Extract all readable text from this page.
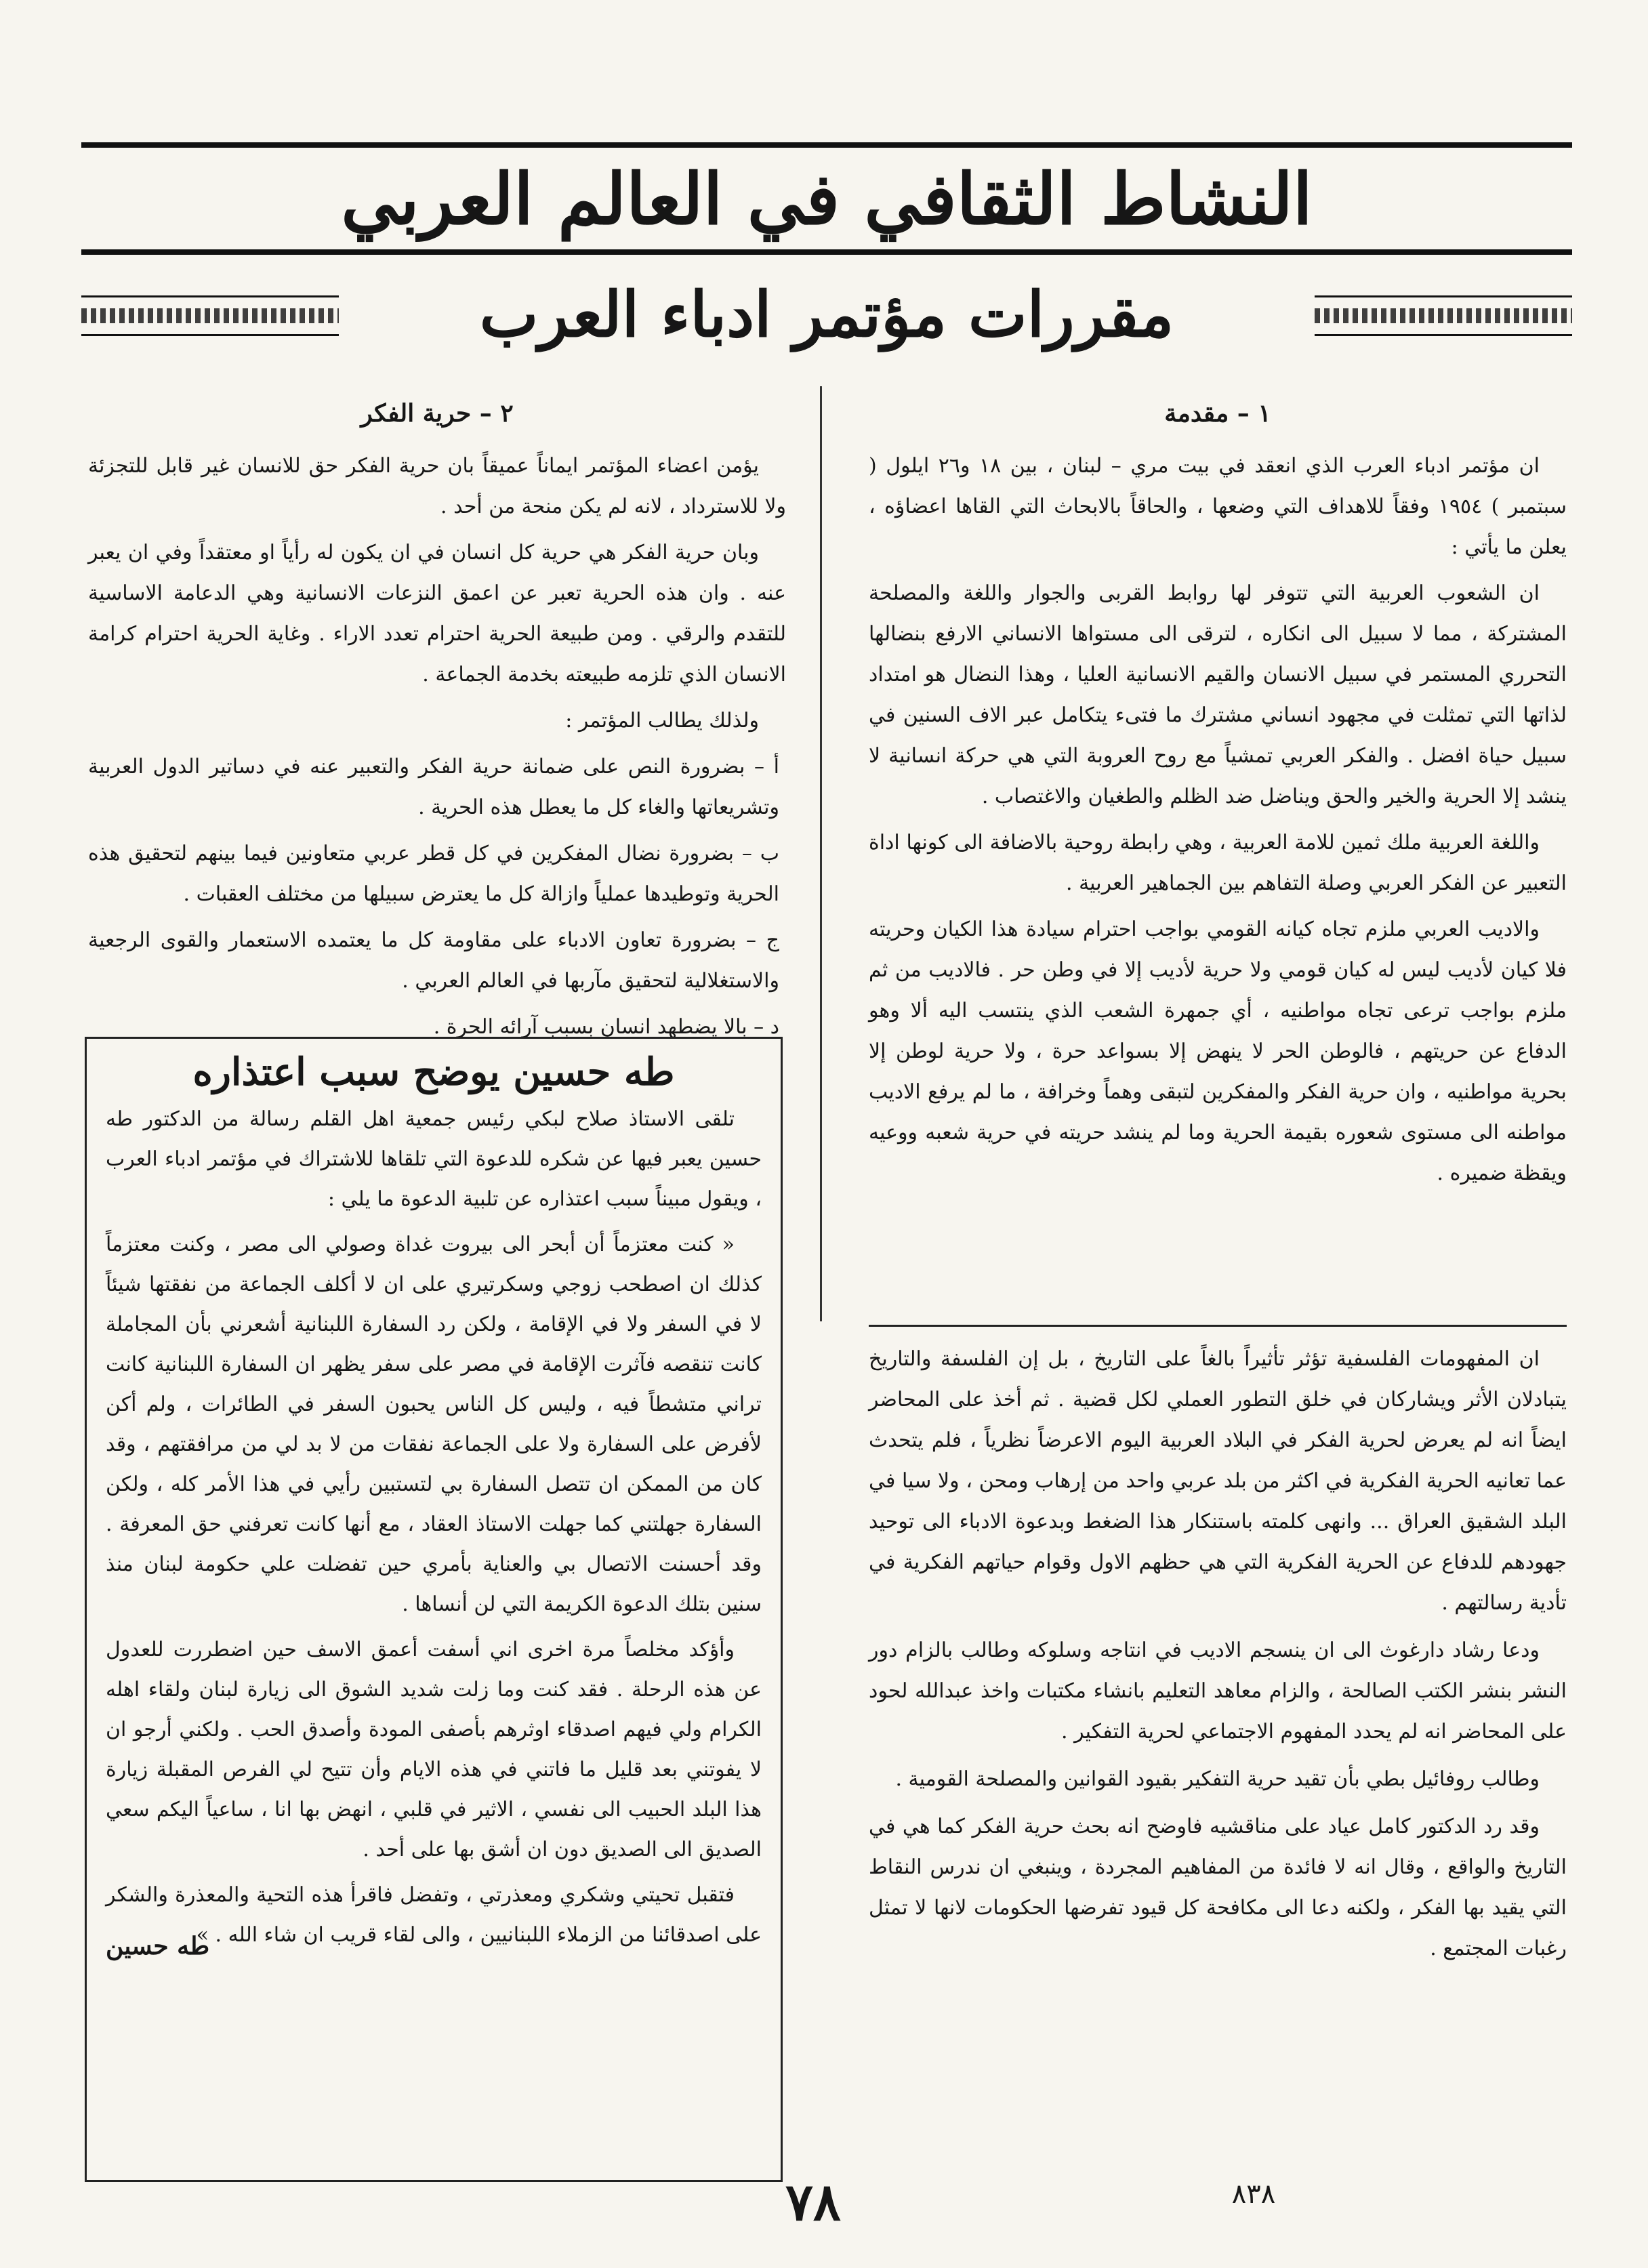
النشاط الثقافي في العالم العربي
مقررات مؤتمر ادباء العرب
١ – مقدمة

ان مؤتمر ادباء العرب الذي انعقد في بيت مري – لبنان ، بين ١٨ و٢٦ ايلول ( سبتمبر ) ١٩٥٤ وفقاً للاهداف التي وضعها ، والحاقاً بالابحاث التي القاها اعضاؤه ، يعلن ما يأتي :

ان الشعوب العربية التي تتوفر لها روابط القربى والجوار واللغة والمصلحة المشتركة ، مما لا سبيل الى انكاره ، لترقى الى مستواها الانساني الارفع بنضالها التحرري المستمر في سبيل الانسان والقيم الانسانية العليا ، وهذا النضال هو امتداد لذاتها التي تمثلت في مجهود انساني مشترك ما فتىء يتكامل عبر الاف السنين في سبيل حياة افضل . والفكر العربي تمشياً مع روح العروبة التي هي حركة انسانية لا ينشد إلا الحرية والخير والحق ويناضل ضد الظلم والطغيان والاغتصاب .

واللغة العربية ملك ثمين للامة العربية ، وهي رابطة روحية بالاضافة الى كونها اداة التعبير عن الفكر العربي وصلة التفاهم بين الجماهير العربية .

والاديب العربي ملزم تجاه كيانه القومي بواجب احترام سيادة هذا الكيان وحريته فلا كيان لأديب ليس له كيان قومي ولا حرية لأديب إلا في وطن حر . فالاديب من ثم ملزم بواجب ترعى تجاه مواطنيه ، أي جمهرة الشعب الذي ينتسب اليه ألا وهو الدفاع عن حريتهم ، فالوطن الحر لا ينهض إلا بسواعد حرة ، ولا حرية لوطن إلا بحرية مواطنيه ، وان حرية الفكر والمفكرين لتبقى وهماً وخرافة ، ما لم يرفع الاديب مواطنه الى مستوى شعوره بقيمة الحرية وما لم ينشد حريته في حرية شعبه ووعيه ويقظة ضميره .

٢ – حرية الفكر

يؤمن اعضاء المؤتمر ايماناً عميقاً بان حرية الفكر حق للانسان غير قابل للتجزئة ولا للاسترداد ، لانه لم يكن منحة من أحد .

وبان حرية الفكر هي حرية كل انسان في ان يكون له رأياً او معتقداً وفي ان يعبر عنه . وان هذه الحرية تعبر عن اعمق النزعات الانسانية وهي الدعامة الاساسية للتقدم والرقي . ومن طبيعة الحرية احترام تعدد الاراء . وغاية الحرية احترام كرامة الانسان الذي تلزمه طبيعته بخدمة الجماعة .

ولذلك يطالب المؤتمر :

أ – بضرورة النص على ضمانة حرية الفكر والتعبير عنه في دساتير الدول العربية وتشريعاتها والغاء كل ما يعطل هذه الحرية .

ب – بضرورة نضال المفكرين في كل قطر عربي متعاونين فيما بينهم لتحقيق هذه الحرية وتوطيدها عملياً وازالة كل ما يعترض سبيلها من مختلف العقبات .

ج – بضرورة تعاون الادباء على مقاومة كل ما يعتمده الاستعمار والقوى الرجعية والاستغلالية لتحقيق مآربها في العالم العربي .

د – بالا يضطهد انسان بسبب آرائه الحرة .

طه حسين يوضح سبب اعتذاره

تلقى الاستاذ صلاح لبكي رئيس جمعية اهل القلم رسالة من الدكتور طه حسين يعبر فيها عن شكره للدعوة التي تلقاها للاشتراك في مؤتمر ادباء العرب ، ويقول مبيناً سبب اعتذاره عن تلبية الدعوة ما يلي :

« كنت معتزماً أن أبحر الى بيروت غداة وصولي الى مصر ، وكنت معتزماً كذلك ان اصطحب زوجي وسكرتيري على ان لا أكلف الجماعة من نفقتها شيئاً لا في السفر ولا في الإقامة ، ولكن رد السفارة اللبنانية أشعرني بأن المجاملة كانت تنقصه فآثرت الإقامة في مصر على سفر يظهر ان السفارة اللبنانية كانت تراني متشطاً فيه ، وليس كل الناس يحبون السفر في الطائرات ، ولم أكن لأفرض على السفارة ولا على الجماعة نفقات من لا بد لي من مرافقتهم ، وقد كان من الممكن ان تتصل السفارة بي لتستبين رأيي في هذا الأمر كله ، ولكن السفارة جهلتني كما جهلت الاستاذ العقاد ، مع أنها كانت تعرفني حق المعرفة . وقد أحسنت الاتصال بي والعناية بأمري حين تفضلت علي حكومة لبنان منذ سنين بتلك الدعوة الكريمة التي لن أنساها .

وأؤكد مخلصاً مرة اخرى اني أسفت أعمق الاسف حين اضطررت للعدول عن هذه الرحلة . فقد كنت وما زلت شديد الشوق الى زيارة لبنان ولقاء اهله الكرام ولي فيهم اصدقاء اوثرهم بأصفى المودة وأصدق الحب . ولكني أرجو ان لا يفوتني بعد قليل ما فاتني في هذه الايام وأن تتيح لي الفرص المقبلة زيارة هذا البلد الحبيب الى نفسي ، الاثير في قلبي ، انهض بها انا ، ساعياً اليكم سعي الصديق الى الصديق دون ان أشق بها على أحد .

فتقبل تحيتي وشكري ومعذرتي ، وتفضل فاقرأ هذه التحية والمعذرة والشكر على اصدقائنا من الزملاء اللبنانيين ، والى لقاء قريب ان شاء الله . »

طه حسين

ان المفهومات الفلسفية تؤثر تأثيراً بالغاً على التاريخ ، بل إن الفلسفة والتاريخ يتبادلان الأثر ويشاركان في خلق التطور العملي لكل قضية . ثم أخذ على المحاضر ايضاً انه لم يعرض لحرية الفكر في البلاد العربية اليوم الاعرضاً نظرياً ، فلم يتحدث عما تعانيه الحرية الفكرية في اكثر من بلد عربي واحد من إرهاب ومحن ، ولا سيا في البلد الشقيق العراق ... وانهى كلمته باستنكار هذا الضغط وبدعوة الادباء الى توحيد جهودهم للدفاع عن الحرية الفكرية التي هي حظهم الاول وقوام حياتهم الفكرية في تأدية رسالتهم .

ودعا رشاد دارغوث الى ان ينسجم الاديب في انتاجه وسلوكه وطالب بالزام دور النشر بنشر الكتب الصالحة ، والزام معاهد التعليم بانشاء مكتبات واخذ عبدالله لحود على المحاضر انه لم يحدد المفهوم الاجتماعي لحرية التفكير .

وطالب روفائيل بطي بأن تقيد حرية التفكير بقيود القوانين والمصلحة القومية .

وقد رد الدكتور كامل عياد على مناقشيه فاوضح انه بحث حرية الفكر كما هي في التاريخ والواقع ، وقال انه لا فائدة من المفاهيم المجردة ، وينبغي ان ندرس النقاط التي يقيد بها الفكر ، ولكنه دعا الى مكافحة كل قيود تفرضها الحكومات لانها لا تمثل رغبات المجتمع .

٧٨	٨٣٨
